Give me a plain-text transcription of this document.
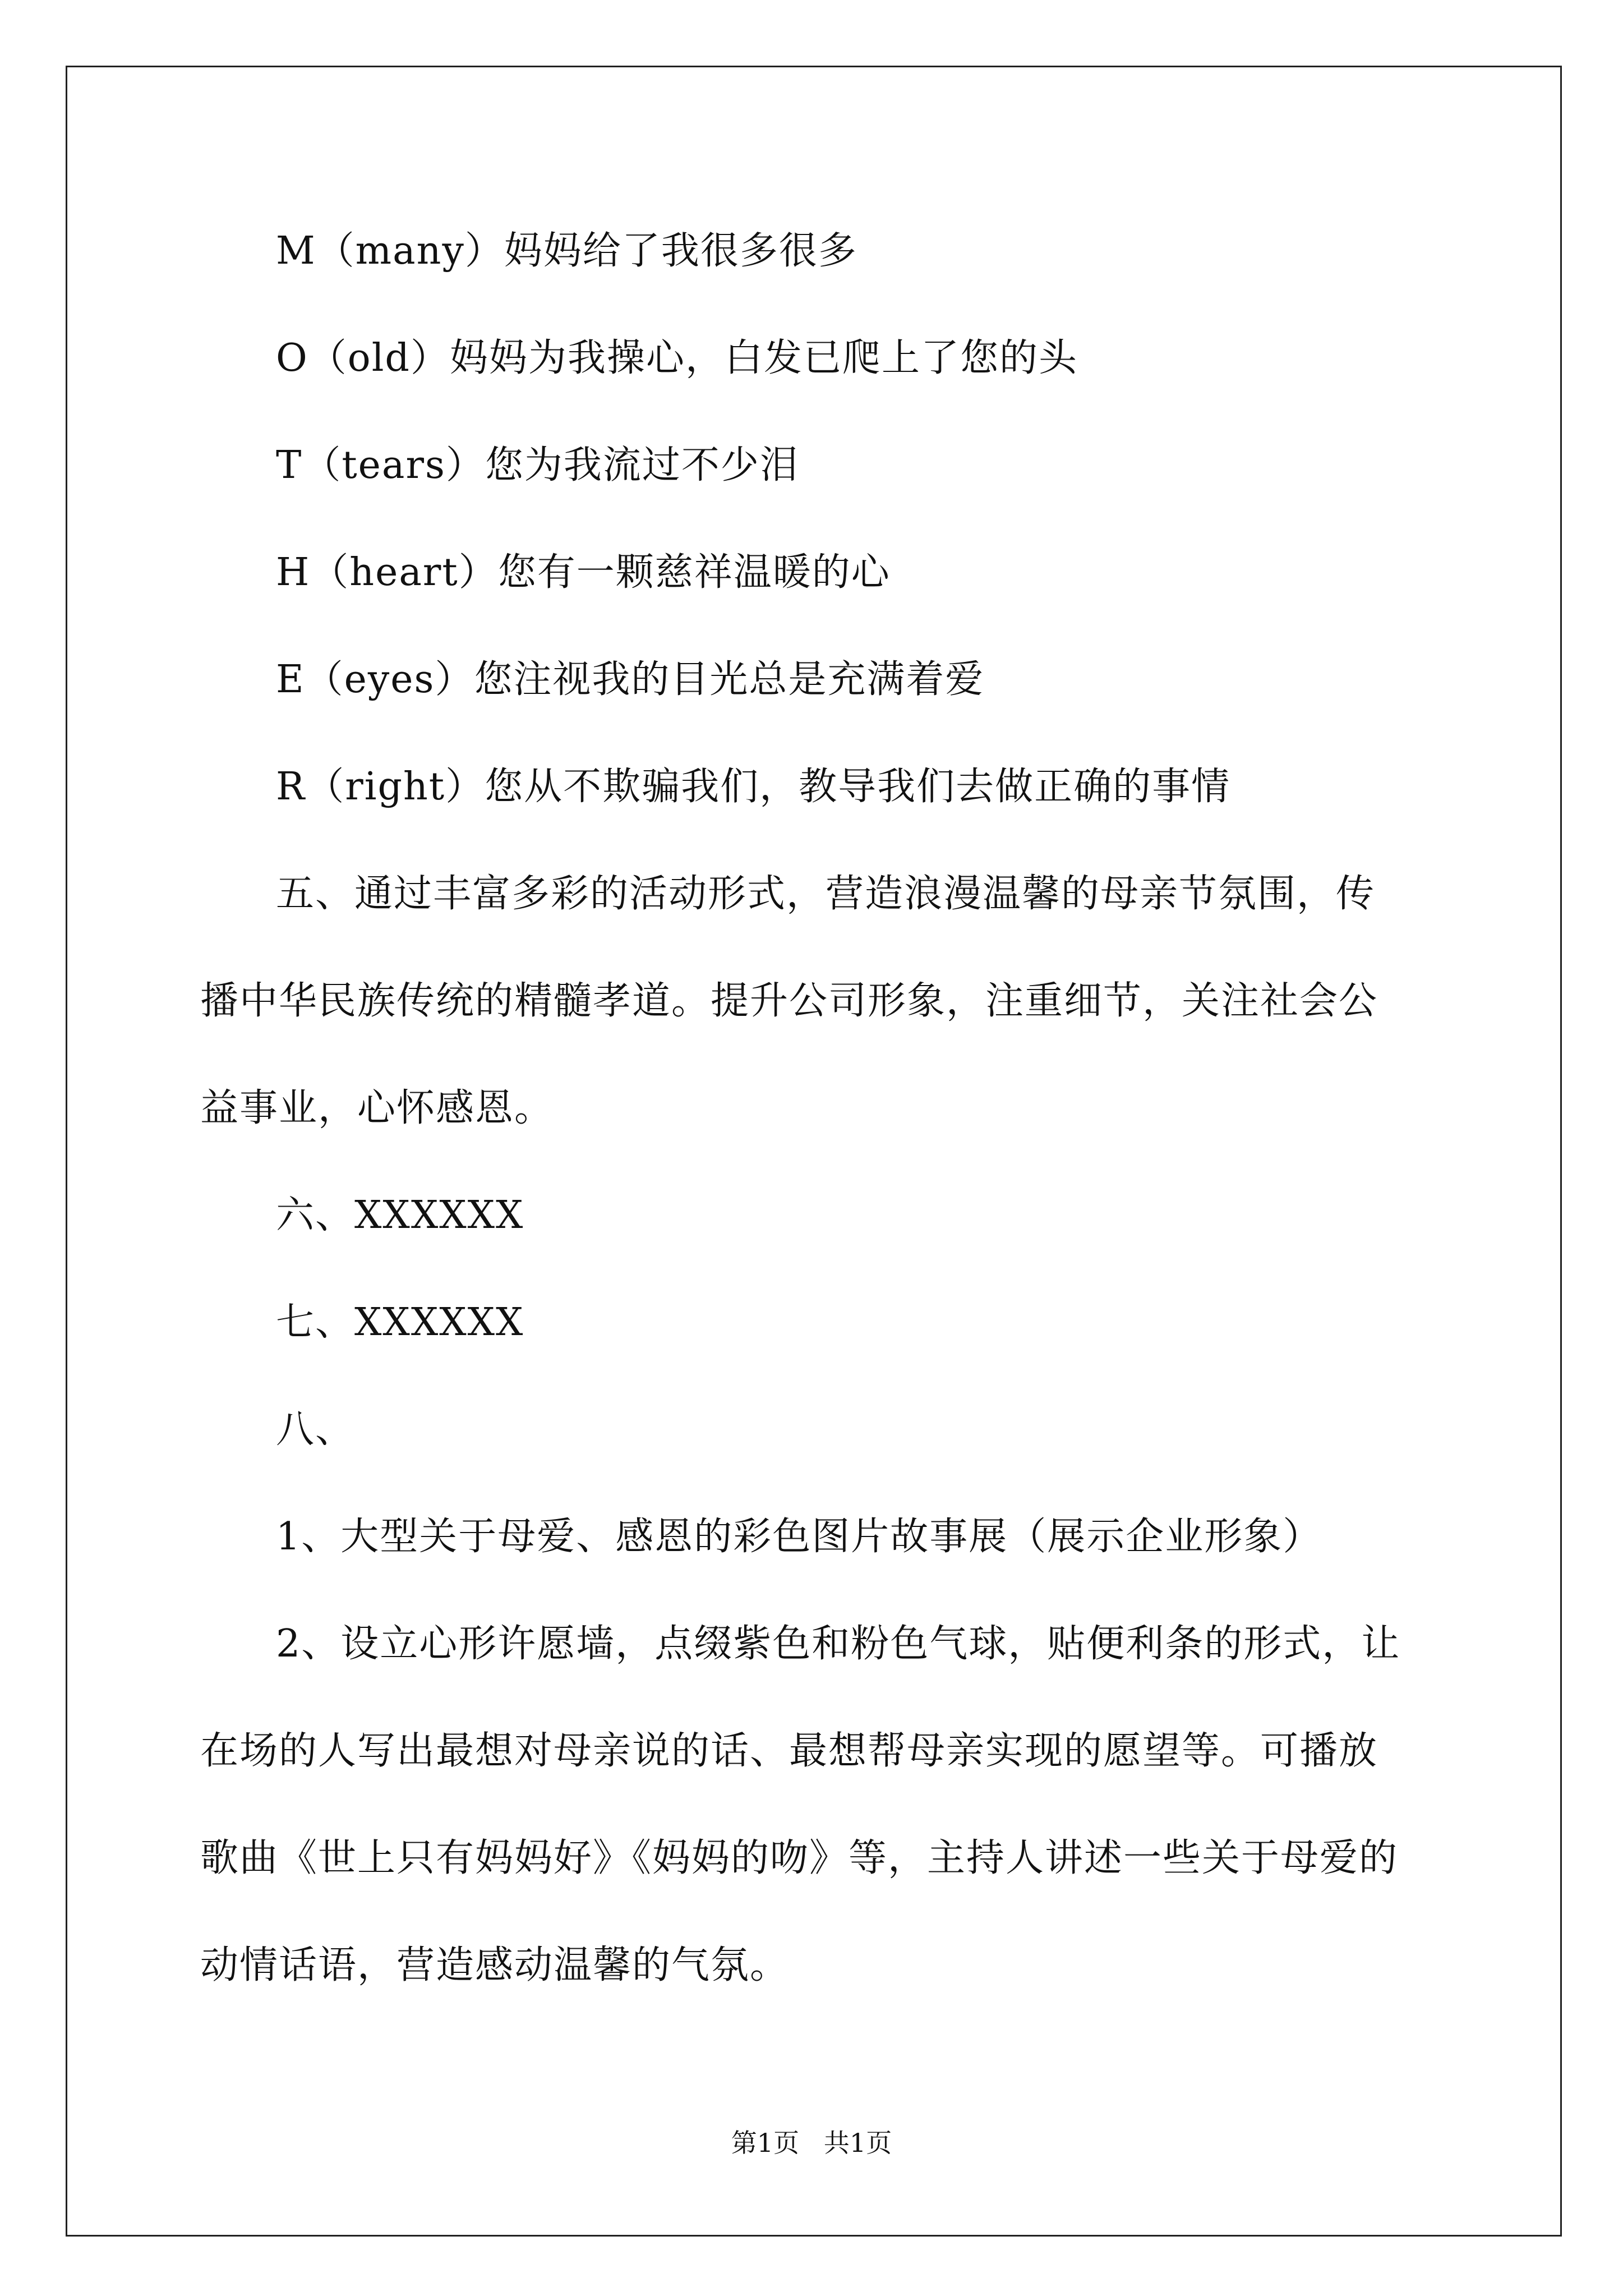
M（many）妈妈给了我很多很多
O（old）妈妈为我操心，白发已爬上了您的头
T（tears）您为我流过不少泪
H（heart）您有一颗慈祥温暖的心
E（eyes）您注视我的目光总是充满着爱
R（right）您从不欺骗我们，教导我们去做正确的事情
五、通过丰富多彩的活动形式，营造浪漫温馨的母亲节氛围，传
播中华民族传统的精髓孝道。提升公司形象，注重细节，关注社会公
益事业，心怀感恩。
六、XXXXXX
七、XXXXXX
八、
1、大型关于母爱、感恩的彩色图片故事展（展示企业形象）
2、设立心形许愿墙，点缀紫色和粉色气球，贴便利条的形式，让
在场的人写出最想对母亲说的话、最想帮母亲实现的愿望等。可播放
歌曲《世上只有妈妈好》《妈妈的吻》等，主持人讲述一些关于母爱的
动情话语，营造感动温馨的气氛。
第1页   共1页
